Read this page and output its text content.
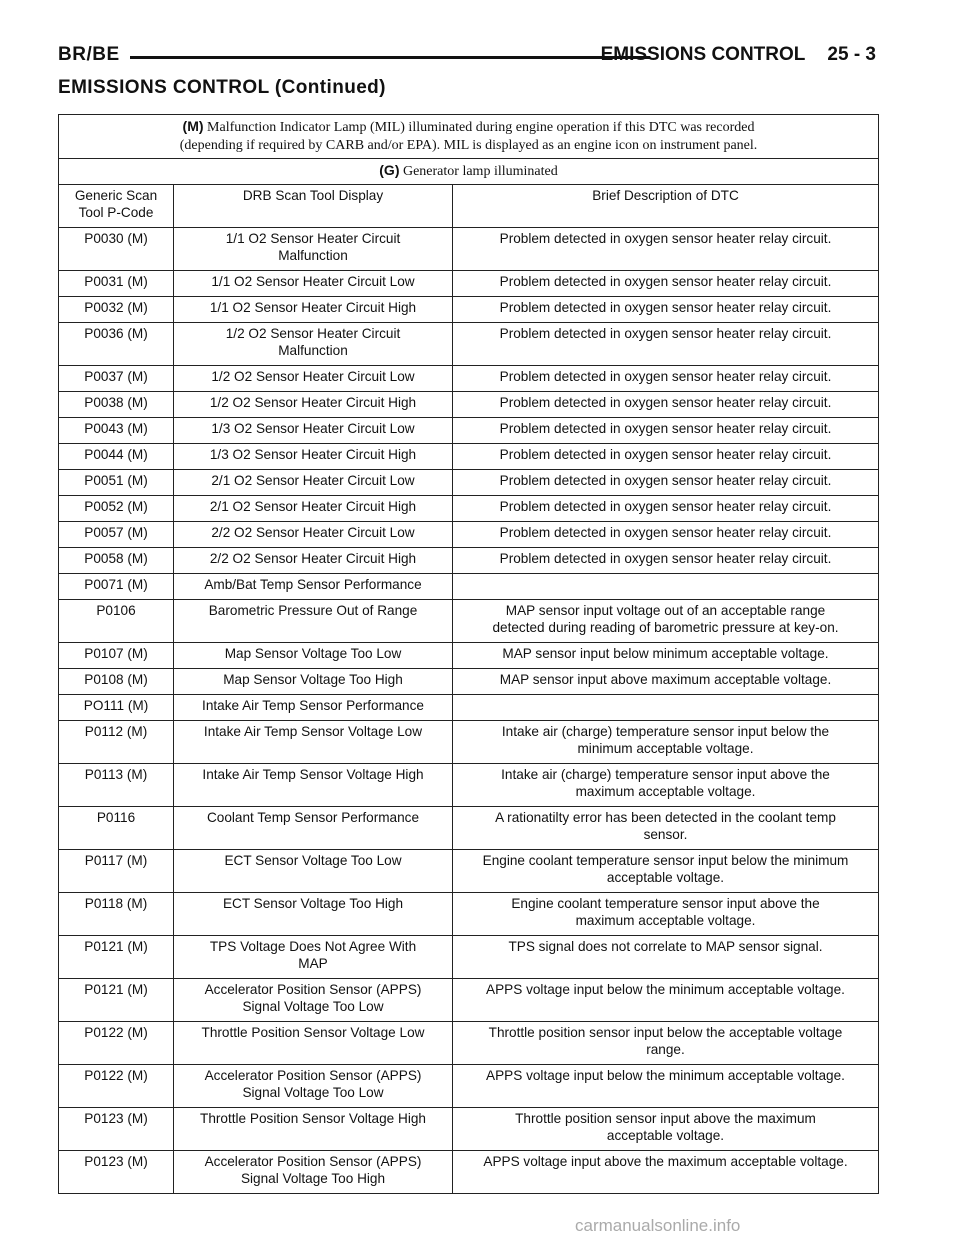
BR/BE	EMISSIONS CONTROL 25 - 3
EMISSIONS CONTROL (Continued)
(M) Malfunction Indicator Lamp (MIL) illuminated during engine operation if this DTC was recorded
(depending if required by CARB and/or EPA). MIL is displayed as an engine icon on instrument panel.		
(G) Generator lamp illuminated		
Generic Scan
Tool P-Code	DRB Scan Tool Display	Brief Description of DTC
P0030 (M)	1/1 O2 Sensor Heater Circuit
Malfunction	Problem detected in oxygen sensor heater relay circuit.
P0031 (M)	1/1 O2 Sensor Heater Circuit Low	Problem detected in oxygen sensor heater relay circuit.
P0032 (M)	1/1 O2 Sensor Heater Circuit High	Problem detected in oxygen sensor heater relay circuit.
P0036 (M)	1/2 O2 Sensor Heater Circuit
Malfunction	Problem detected in oxygen sensor heater relay circuit.
P0037 (M)	1/2 O2 Sensor Heater Circuit Low	Problem detected in oxygen sensor heater relay circuit.
P0038 (M)	1/2 O2 Sensor Heater Circuit High	Problem detected in oxygen sensor heater relay circuit.
P0043 (M)	1/3 O2 Sensor Heater Circuit Low	Problem detected in oxygen sensor heater relay circuit.
P0044 (M)	1/3 O2 Sensor Heater Circuit High	Problem detected in oxygen sensor heater relay circuit.
P0051 (M)	2/1 O2 Sensor Heater Circuit Low	Problem detected in oxygen sensor heater relay circuit.
P0052 (M)	2/1 O2 Sensor Heater Circuit High	Problem detected in oxygen sensor heater relay circuit.
P0057 (M)	2/2 O2 Sensor Heater Circuit Low	Problem detected in oxygen sensor heater relay circuit.
P0058 (M)	2/2 O2 Sensor Heater Circuit High	Problem detected in oxygen sensor heater relay circuit.
P0071 (M)	Amb/Bat Temp Sensor Performance	
P0106	Barometric Pressure Out of Range	MAP sensor input voltage out of an acceptable range
detected during reading of barometric pressure at key-on.
P0107 (M)	Map Sensor Voltage Too Low	MAP sensor input below minimum acceptable voltage.
P0108 (M)	Map Sensor Voltage Too High	MAP sensor input above maximum acceptable voltage.
PO111 (M)	Intake Air Temp Sensor Performance	
P0112 (M)	Intake Air Temp Sensor Voltage Low	Intake air (charge) temperature sensor input below the
minimum acceptable voltage.
P0113 (M)	Intake Air Temp Sensor Voltage High	Intake air (charge) temperature sensor input above the
maximum acceptable voltage.
P0116	Coolant Temp Sensor Performance	A rationatilty error has been detected in the coolant temp
sensor.
P0117 (M)	ECT Sensor Voltage Too Low	Engine coolant temperature sensor input below the minimum
acceptable voltage.
P0118 (M)	ECT Sensor Voltage Too High	Engine coolant temperature sensor input above the
maximum acceptable voltage.
P0121 (M)	TPS Voltage Does Not Agree With
MAP	TPS signal does not correlate to MAP sensor signal.
P0121 (M)	Accelerator Position Sensor (APPS)
Signal Voltage Too Low	APPS voltage input below the minimum acceptable voltage.
P0122 (M)	Throttle Position Sensor Voltage Low	Throttle position sensor input below the acceptable voltage
range.
P0122 (M)	Accelerator Position Sensor (APPS)
Signal Voltage Too Low	APPS voltage input below the minimum acceptable voltage.
P0123 (M)	Throttle Position Sensor Voltage High	Throttle position sensor input above the maximum
acceptable voltage.
P0123 (M)	Accelerator Position Sensor (APPS)
Signal Voltage Too High	APPS voltage input above the maximum acceptable voltage.
carmanualsonline.info
